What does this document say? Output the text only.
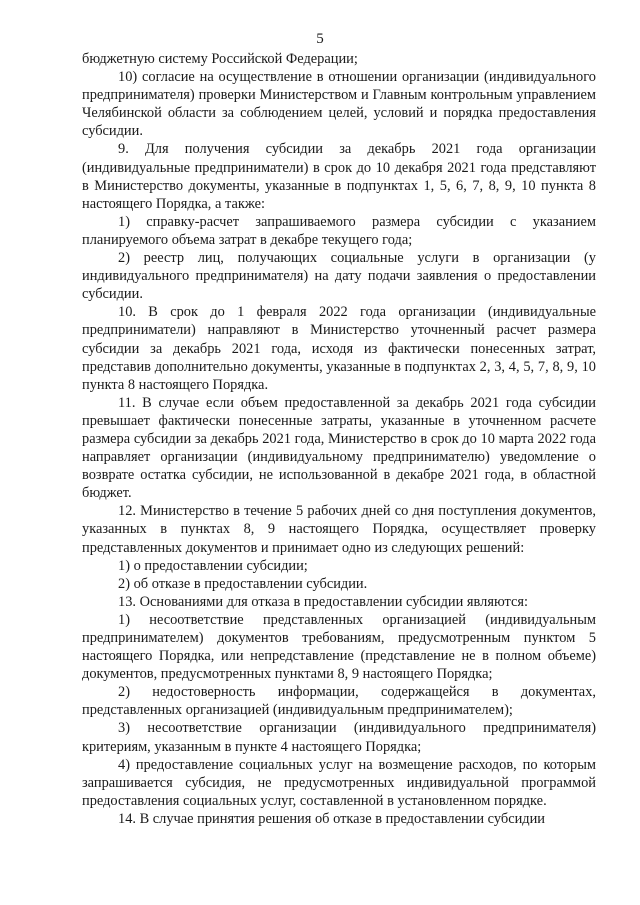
5

бюджетную систему Российской Федерации;

10) согласие на осуществление в отношении организации (индивидуального предпринимателя) проверки Министерством и Главным контрольным управлением Челябинской области за соблюдением целей, условий и порядка предоставления субсидии.

9. Для получения субсидии за декабрь 2021 года организации (индивидуальные предприниматели) в срок до 10 декабря 2021 года представляют в Министерство документы, указанные в подпунктах 1, 5, 6, 7, 8, 9, 10 пункта 8 настоящего Порядка, а также:

1) справку-расчет запрашиваемого размера субсидии с указанием планируемого объема затрат в декабре текущего года;

2) реестр лиц, получающих социальные услуги в организации (у индивидуального предпринимателя) на дату подачи заявления о предоставлении субсидии.

10. В срок до 1 февраля 2022 года организации (индивидуальные предприниматели) направляют в Министерство уточненный расчет размера субсидии за декабрь 2021 года, исходя из фактически понесенных затрат, представив дополнительно документы, указанные в подпунктах 2, 3, 4, 5, 7, 8, 9, 10 пункта 8 настоящего Порядка.

11. В случае если объем предоставленной за декабрь 2021 года субсидии превышает фактически понесенные затраты, указанные в уточненном расчете размера субсидии за декабрь 2021 года, Министерство в срок до 10 марта 2022 года направляет организации (индивидуальному предпринимателю) уведомление о возврате остатка субсидии, не использованной в декабре 2021 года, в областной бюджет.

12. Министерство в течение 5 рабочих дней со дня поступления документов, указанных в пунктах 8, 9 настоящего Порядка, осуществляет проверку представленных документов и принимает одно из следующих решений:

1) о предоставлении субсидии;

2) об отказе в предоставлении субсидии.

13. Основаниями для отказа в предоставлении субсидии являются:

1) несоответствие представленных организацией (индивидуальным предпринимателем) документов требованиям, предусмотренным пунктом 5 настоящего Порядка, или непредставление (представление не в полном объеме) документов, предусмотренных пунктами 8, 9 настоящего Порядка;

2) недостоверность информации, содержащейся в документах, представленных организацией (индивидуальным предпринимателем);

3) несоответствие организации (индивидуального предпринимателя) критериям, указанным в пункте 4 настоящего Порядка;

4) предоставление социальных услуг на возмещение расходов, по которым запрашивается субсидия, не предусмотренных индивидуальной программой предоставления социальных услуг, составленной в установленном порядке.

14. В случае принятия решения об отказе в предоставлении субсидии
